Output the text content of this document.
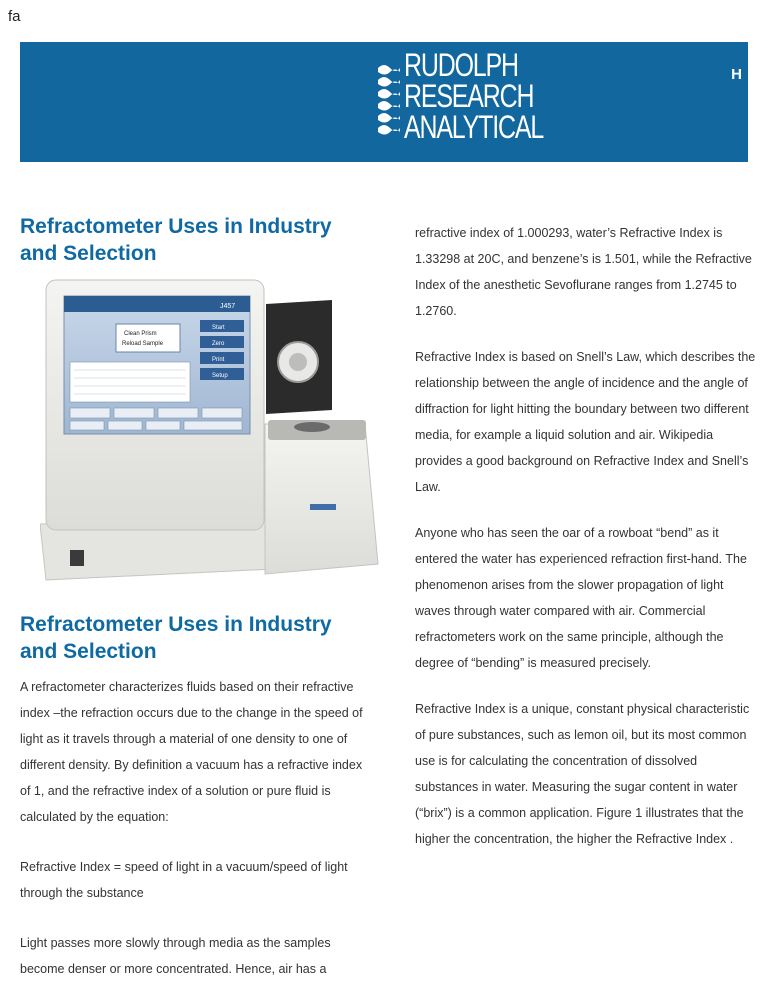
fa
RUDOLPH
RESEARCH
ANALYTICAL
H
Refractometer Uses in Industry and Selection
J457
Clean Prism
Reload Sample
Start
Zero
Print
Setup
Refractometer Uses in Industry and Selection

A refractometer characterizes fluids based on their refractive index –the refraction occurs due to the change in the speed of light as it travels through a material of one density to one of different density. By definition a vacuum has a refractive index of 1, and the refractive index of a solution or pure fluid is calculated by the equation:

Refractive Index = speed of light in a vacuum/speed of light through the substance

Light passes more slowly through media as the samples become denser or more concentrated. Hence, air has a

refractive index of 1.000293, water’s Refractive Index is 1.33298 at 20C, and benzene’s is 1.501, while the Refractive Index of the anesthetic Sevoflurane ranges from 1.2745 to 1.2760.

Refractive Index is based on Snell’s Law, which describes the relationship between the angle of incidence and the angle of diffraction for light hitting the boundary between two different media, for example a liquid solution and air. Wikipedia provides a good background on Refractive Index and Snell’s Law.

Anyone who has seen the oar of a rowboat “bend” as it entered the water has experienced refraction first-hand. The phenomenon arises from the slower propagation of light waves through water compared with air. Commercial refractometers work on the same principle, although the degree of “bending” is measured precisely.

Refractive Index is a unique, constant physical characteristic of pure substances, such as lemon oil, but its most common use is for calculating the concentration of dissolved substances in water. Measuring the sugar content in water (“brix”) is a common application. Figure 1 illustrates that the higher the concentration, the higher the Refractive Index .
